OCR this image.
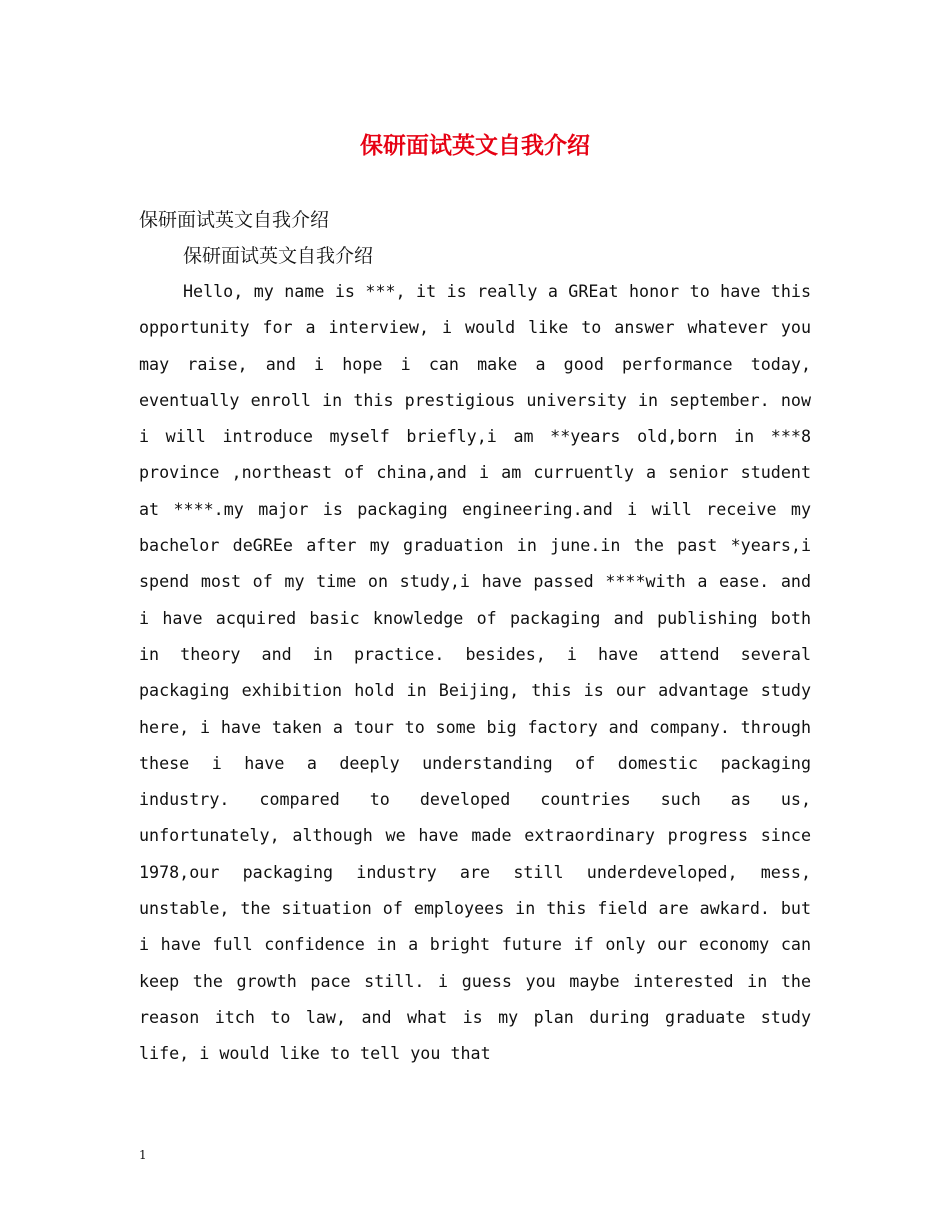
保研面试英文自我介绍
保研面试英文自我介绍
保研面试英文自我介绍

Hello, my name is ***, it is really a GREat honor to have this opportunity for a interview, i would like to answer whatever you may raise, and i hope i can make a good performance today, eventually enroll in this prestigious university in september. now i will introduce myself briefly,i am **years old,born in ***8 province ,northeast of china,and i am curruently a senior student at ****.my major is packaging engineering.and i will receive my bachelor deGREe after my graduation in june.in the past *years,i spend most of my time on study,i have passed ****with a ease. and i have acquired basic knowledge of packaging and publishing both in theory and in practice. besides, i have attend several packaging exhibition hold in Beijing, this is our advantage study here, i have taken a tour to some big factory and company. through these i have a deeply understanding of domestic packaging industry. compared to developed countries such as us, unfortunately, although we have made extraordinary progress since 1978,our packaging industry are still underdeveloped, mess, unstable, the situation of employees in this field are awkard. but i have full confidence in a bright future if only our economy can keep the growth pace still. i guess you maybe interested in the reason itch to law, and what is my plan during graduate study life, i would like to tell you that

1
